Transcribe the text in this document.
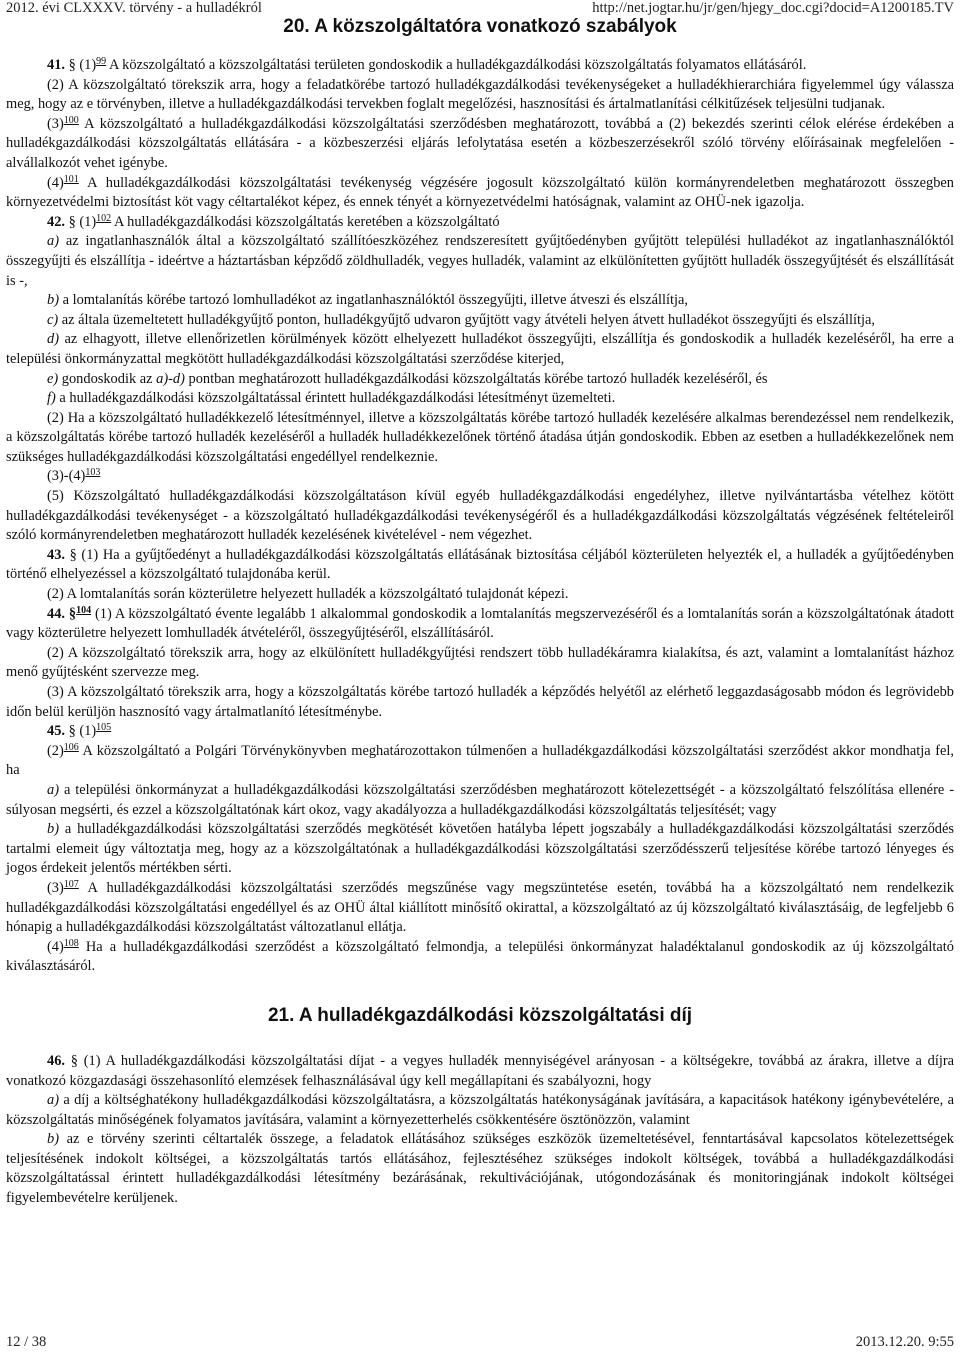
2012. évi CLXXXV. törvény - a hulladékról	http://net.jogtar.hu/jr/gen/hjegy_doc.cgi?docid=A1200185.TV
20. A közszolgáltatóra vonatkozó szabályok

41. § $(1)^{99}$ A közszolgáltató a közszolgáltatási területen gondoskodik a hulladékgazdálkodási közszolgáltatás folyamatos ellátásáról.

(2) A közszolgáltató törekszik arra, hogy a feladatkörébe tartozó hulladékgazdálkodási tevékenységeket a hulladékhierarchiára figyelemmel úgy válassza meg, hogy az e törvényben, illetve a hulladékgazdálkodási tervekben foglalt megelőzési, hasznosítási és ártalmatlanítási célkitűzések teljesülni tudjanak.

$(3)^{100}$ A közszolgáltató a hulladékgazdálkodási közszolgáltatási szerződésben meghatározott, továbbá a (2) bekezdés szerinti célok elérése érdekében a hulladékgazdálkodási közszolgáltatás ellátására - a közbeszerzési eljárás lefolytatása esetén a közbeszerzésekről szóló törvény előírásainak megfelelően - alvállalkozót vehet igénybe.

$(4)^{101}$ A hulladékgazdálkodási közszolgáltatási tevékenység végzésére jogosult közszolgáltató külön kormányrendeletben meghatározott összegben környezetvédelmi biztosítást köt vagy céltartalékot képez, és ennek tényét a környezetvédelmi hatóságnak, valamint az OHÜ-nek igazolja.

42. § $(1)^{102}$ A hulladékgazdálkodási közszolgáltatás keretében a közszolgáltató

a) az ingatlanhasználók által a közszolgáltató szállítóeszközéhez rendszeresített gyűjtőedényben gyűjtött települési hulladékot az ingatlanhasználóktól összegyűjti és elszállítja - ideértve a háztartásban képződő zöldhulladék, vegyes hulladék, valamint az elkülönítetten gyűjtött hulladék összegyűjtését és elszállítását is -,

b) a lomtalanítás körébe tartozó lomhulladékot az ingatlanhasználóktól összegyűjti, illetve átveszi és elszállítja,

c) az általa üzemeltetett hulladékgyűjtő ponton, hulladékgyűjtő udvaron gyűjtött vagy átvételi helyen átvett hulladékot összegyűjti és elszállítja,

d) az elhagyott, illetve ellenőrizetlen körülmények között elhelyezett hulladékot összegyűjti, elszállítja és gondoskodik a hulladék kezeléséről, ha erre a települési önkormányzattal megkötött hulladékgazdálkodási közszolgáltatási szerződése kiterjed,

e) gondoskodik az a)-d) pontban meghatározott hulladékgazdálkodási közszolgáltatás körébe tartozó hulladék kezeléséről, és

f) a hulladékgazdálkodási közszolgáltatással érintett hulladékgazdálkodási létesítményt üzemelteti.

(2) Ha a közszolgáltató hulladékkezelő létesítménnyel, illetve a közszolgáltatás körébe tartozó hulladék kezelésére alkalmas berendezéssel nem rendelkezik, a közszolgáltatás körébe tartozó hulladék kezeléséről a hulladék hulladékkezelőnek történő átadása útján gondoskodik. Ebben az esetben a hulladékkezelőnek nem szükséges hulladékgazdálkodási közszolgáltatási engedéllyel rendelkeznie.

$(3)-(4)^{103}$

(5) Közszolgáltató hulladékgazdálkodási közszolgáltatáson kívül egyéb hulladékgazdálkodási engedélyhez, illetve nyilvántartásba vételhez kötött hulladékgazdálkodási tevékenységet - a közszolgáltató hulladékgazdálkodási tevékenységéről és a hulladékgazdálkodási közszolgáltatás végzésének feltételeiről szóló kormányrendeletben meghatározott hulladék kezelésének kivételével - nem végezhet.

43. § (1) Ha a gyűjtőedényt a hulladékgazdálkodási közszolgáltatás ellátásának biztosítása céljából közterületen helyezték el, a hulladék a gyűjtőedényben történő elhelyezéssel a közszolgáltató tulajdonába kerül.

(2) A lomtalanítás során közterületre helyezett hulladék a közszolgáltató tulajdonát képezi.

44. §$^{104}$ (1) A közszolgáltató évente legalább 1 alkalommal gondoskodik a lomtalanítás megszervezéséről és a lomtalanítás során a közszolgáltatónak átadott vagy közterületre helyezett lomhulladék átvételéről, összegyűjtéséről, elszállításáról.

(2) A közszolgáltató törekszik arra, hogy az elkülönített hulladékgyűjtési rendszert több hulladékáramra kialakítsa, és azt, valamint a lomtalanítást házhoz menő gyűjtésként szervezze meg.

(3) A közszolgáltató törekszik arra, hogy a közszolgáltatás körébe tartozó hulladék a képződés helyétől az elérhető leggazdaságosabb módon és legrövidebb időn belül kerüljön hasznosító vagy ártalmatlanító létesítménybe.

45. § $(1)^{105}$

$(2)^{106}$ A közszolgáltató a Polgári Törvénykönyvben meghatározottakon túlmenően a hulladékgazdálkodási közszolgáltatási szerződést akkor mondhatja fel, ha

a) a települési önkormányzat a hulladékgazdálkodási közszolgáltatási szerződésben meghatározott kötelezettségét - a közszolgáltató felszólítása ellenére - súlyosan megsérti, és ezzel a közszolgáltatónak kárt okoz, vagy akadályozza a hulladékgazdálkodási közszolgáltatás teljesítését; vagy

b) a hulladékgazdálkodási közszolgáltatási szerződés megkötését követően hatályba lépett jogszabály a hulladékgazdálkodási közszolgáltatási szerződés tartalmi elemeit úgy változtatja meg, hogy az a közszolgáltatónak a hulladékgazdálkodási közszolgáltatási szerződésszerű teljesítése körébe tartozó lényeges és jogos érdekeit jelentős mértékben sérti.

$(3)^{107}$ A hulladékgazdálkodási közszolgáltatási szerződés megszűnése vagy megszüntetése esetén, továbbá ha a közszolgáltató nem rendelkezik hulladékgazdálkodási közszolgáltatási engedéllyel és az OHÜ által kiállított minősítő okirattal, a közszolgáltató az új közszolgáltató kiválasztásáig, de legfeljebb 6 hónapig a hulladékgazdálkodási közszolgáltatást változatlanul ellátja.

$(4)^{108}$ Ha a hulladékgazdálkodási szerződést a közszolgáltató felmondja, a települési önkormányzat haladéktalanul gondoskodik az új közszolgáltató kiválasztásáról.

21. A hulladékgazdálkodási közszolgáltatási díj

46. § (1) A hulladékgazdálkodási közszolgáltatási díjat - a vegyes hulladék mennyiségével arányosan - a költségekre, továbbá az árakra, illetve a díjra vonatkozó közgazdasági összehasonlító elemzések felhasználásával úgy kell megállapítani és szabályozni, hogy

a) a díj a költséghatékony hulladékgazdálkodási közszolgáltatásra, a közszolgáltatás hatékonyságának javítására, a kapacitások hatékony igénybevételére, a közszolgáltatás minőségének folyamatos javítására, valamint a környezetterhelés csökkentésére ösztönözzön, valamint

b) az e törvény szerinti céltartalék összege, a feladatok ellátásához szükséges eszközök üzemeltetésével, fenntartásával kapcsolatos kötelezettségek teljesítésének indokolt költségei, a közszolgáltatás tartós ellátásához, fejlesztéséhez szükséges indokolt költségek, továbbá a hulladékgazdálkodási közszolgáltatással érintett hulladékgazdálkodási létesítmény bezárásának, rekultivációjának, utógondozásának és monitoringjának indokolt költségei figyelembevételre kerüljenek.

12 / 38	2013.12.20. 9:55
